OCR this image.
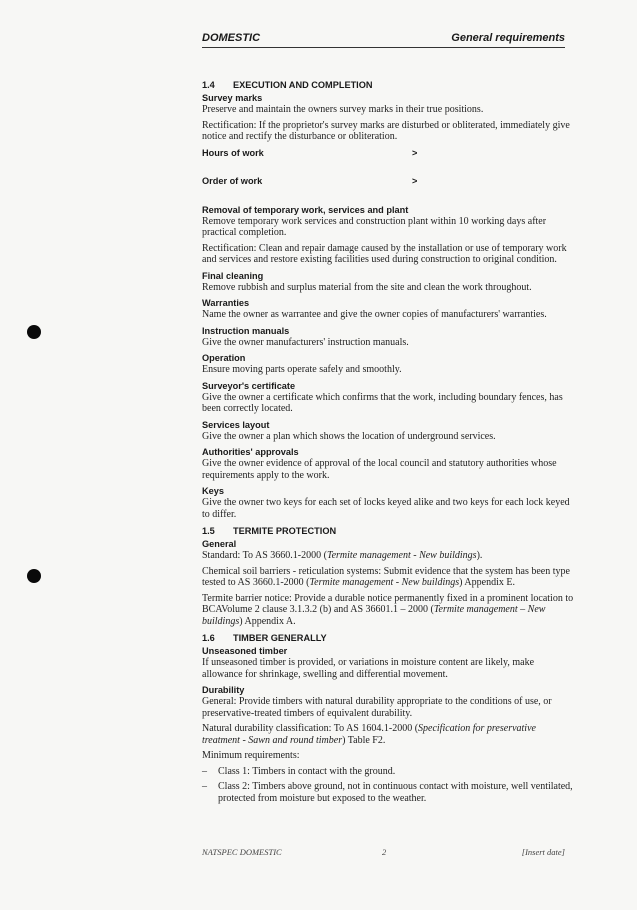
DOMESTIC	General requirements
1.4 EXECUTION AND COMPLETION
Survey marks
Preserve and maintain the owners survey marks in their true positions.
Rectification: If the proprietor's survey marks are disturbed or obliterated, immediately give notice and rectify the disturbance or obliteration.
Hours of work	>
Order of work	>
Removal of temporary work, services and plant
Remove temporary work services and construction plant within 10 working days after practical completion.
Rectification: Clean and repair damage caused by the installation or use of temporary work and services and restore existing facilities used during construction to original condition.
Final cleaning
Remove rubbish and surplus material from the site and clean the work throughout.
Warranties
Name the owner as warrantee and give the owner copies of manufacturers' warranties.
Instruction manuals
Give the owner manufacturers' instruction manuals.
Operation
Ensure moving parts operate safely and smoothly.
Surveyor's certificate
Give the owner a certificate which confirms that the work, including boundary fences, has been correctly located.
Services layout
Give the owner a plan which shows the location of underground services.
Authorities' approvals
Give the owner evidence of approval of the local council and statutory authorities whose requirements apply to the work.
Keys
Give the owner two keys for each set of locks keyed alike and two keys for each lock keyed to differ.
1.5 TERMITE PROTECTION
General
Standard: To AS 3660.1-2000 (Termite management - New buildings).
Chemical soil barriers - reticulation systems: Submit evidence that the system has been type tested to AS 3660.1-2000 (Termite management - New buildings) Appendix E.
Termite barrier notice: Provide a durable notice permanently fixed in a prominent location to BCAVolume 2 clause 3.1.3.2 (b) and AS 36601.1 – 2000 (Termite management – New buildings) Appendix A.
1.6 TIMBER GENERALLY
Unseasoned timber
If unseasoned timber is provided, or variations in moisture content are likely, make allowance for shrinkage, swelling and differential movement.
Durability
General: Provide timbers with natural durability appropriate to the conditions of use, or preservative-treated timbers of equivalent durability.
Natural durability classification: To AS 1604.1-2000 (Specification for preservative treatment - Sawn and round timber) Table F2.
Minimum requirements:
– Class 1: Timbers in contact with the ground.
– Class 2: Timbers above ground, not in continuous contact with moisture, well ventilated, protected from moisture but exposed to the weather.
NATSPEC DOMESTIC	2	[Insert date]
